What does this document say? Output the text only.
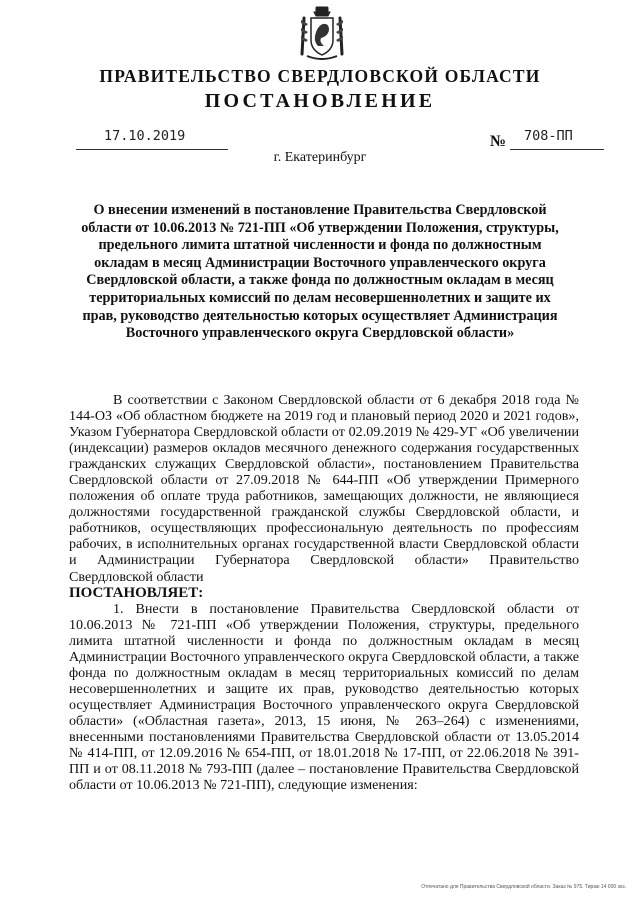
ПРАВИТЕЛЬСТВО СВЕРДЛОВСКОЙ ОБЛАСТИ
ПОСТАНОВЛЕНИЕ
17.10.2019	№ 708-ПП
г. Екатеринбург
О внесении изменений в постановление Правительства Свердловской области от 10.06.2013 № 721-ПП «Об утверждении Положения, структуры, предельного лимита штатной численности и фонда по должностным окладам в месяц Администрации Восточного управленческого округа Свердловской области, а также фонда по должностным окладам в месяц территориальных комиссий по делам несовершеннолетних и защите их прав, руководство деятельностью которых осуществляет Администрация Восточного управленческого округа Свердловской области»

В соответствии с Законом Свердловской области от 6 декабря 2018 года № 144-ОЗ «Об областном бюджете на 2019 год и плановый период 2020 и 2021 годов», Указом Губернатора Свердловской области от 02.09.2019 № 429-УГ «Об увеличении (индексации) размеров окладов месячного денежного содержания государственных гражданских служащих Свердловской области», постановлением Правительства Свердловской области от 27.09.2018 № 644-ПП «Об утверждении Примерного положения об оплате труда работников, замещающих должности, не являющиеся должностями государственной гражданской службы Свердловской области, и работников, осуществляющих профессиональную деятельность по профессиям рабочих, в исполнительных органах государственной власти Свердловской области и Администрации Губернатора Свердловской области» Правительство Свердловской области

ПОСТАНОВЛЯЕТ:

1. Внести в постановление Правительства Свердловской области от 10.06.2013 № 721-ПП «Об утверждении Положения, структуры, предельного лимита штатной численности и фонда по должностным окладам в месяц Администрации Восточного управленческого округа Свердловской области, а также фонда по должностным окладам в месяц территориальных комиссий по делам несовершеннолетних и защите их прав, руководство деятельностью которых осуществляет Администрация Восточного управленческого округа Свердловской области» («Областная газета», 2013, 15 июня, № 263–264) с изменениями, внесенными постановлениями Правительства Свердловской области от 13.05.2014 № 414-ПП, от 12.09.2016 № 654-ПП, от 18.01.2018 № 17-ПП, от 22.06.2018 № 391-ПП и от 08.11.2018 № 793-ПП (далее – постановление Правительства Свердловской области от 10.06.2013 № 721-ПП), следующие изменения:

Отпечатано для Правительства Свердловской области. Заказ № 975. Тираж 14 000 экз.
